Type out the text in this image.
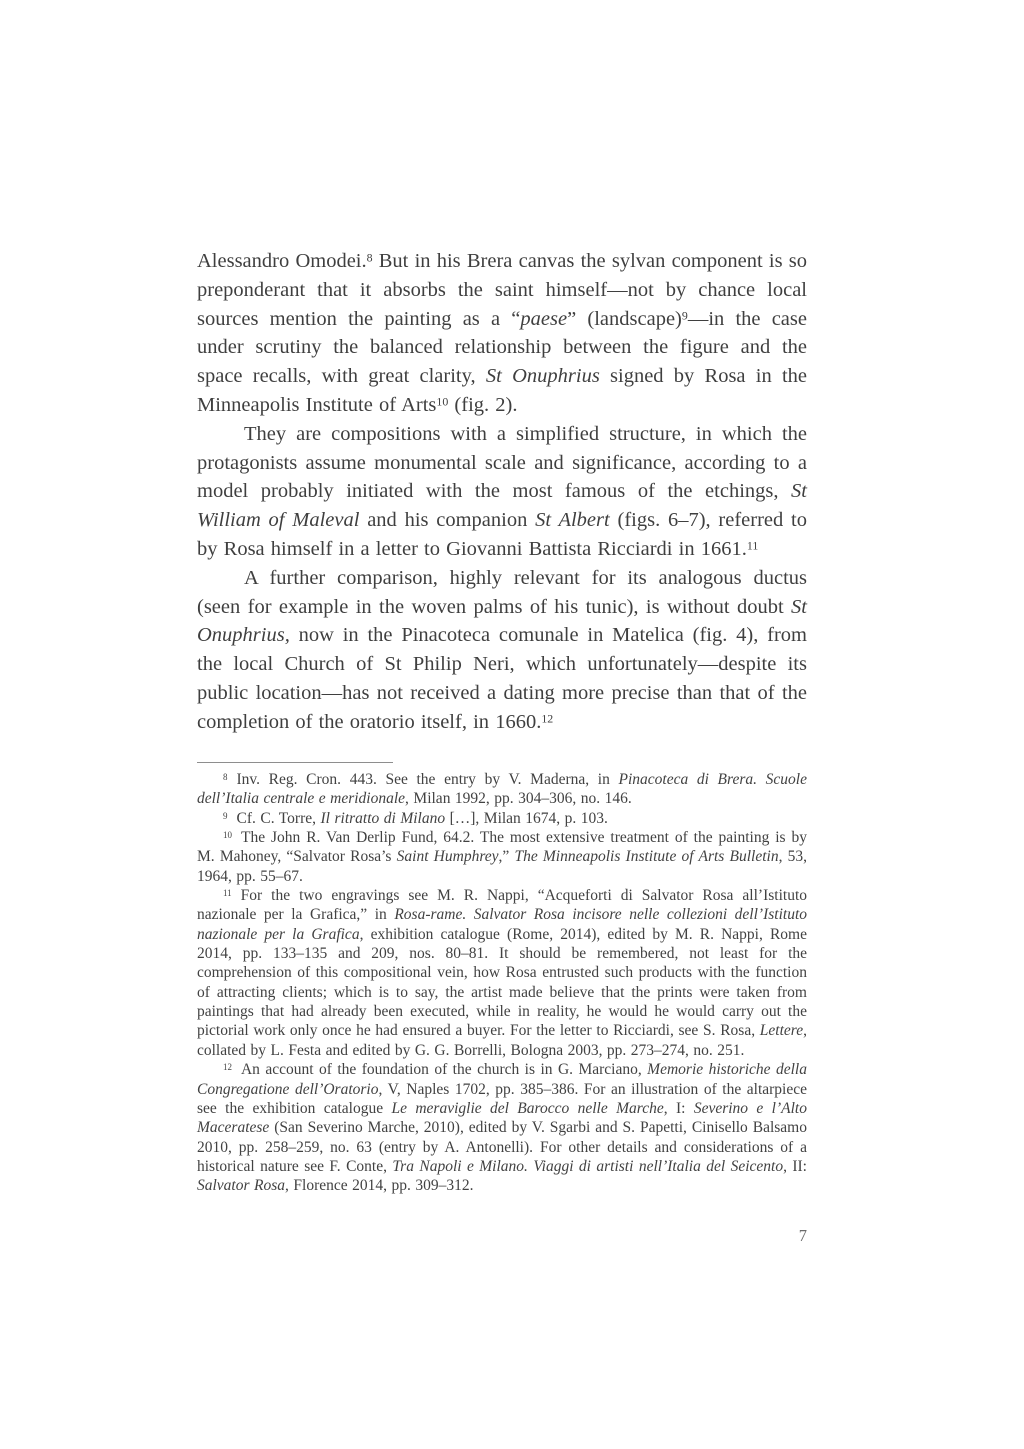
Alessandro Omodei.$^8$ But in his Brera canvas the sylvan component is so preponderant that it absorbs the saint himself—not by chance local sources mention the painting as a “paese” (landscape)$^9$—in the case under scrutiny the balanced relationship between the figure and the space recalls, with great clarity, St Onuphrius signed by Rosa in the Minneapolis Institute of Arts$^{10}$ (fig. 2).

They are compositions with a simplified structure, in which the protagonists assume monumental scale and significance, according to a model probably initiated with the most famous of the etchings, St William of Maleval and his companion St Albert (figs. 6–7), referred to by Rosa himself in a letter to Giovanni Battista Ricciardi in 1661.11

A further comparison, highly relevant for its analogous ductus (seen for example in the woven palms of his tunic), is without doubt St Onuphrius, now in the Pinacoteca comunale in Matelica (fig. 4), from the local Church of St Philip Neri, which unfortunately—despite its public location—has not received a dating more precise than that of the completion of the oratorio itself, in 1660.12

$^8$ Inv. Reg. Cron. 443. See the entry by V. Maderna, in Pinacoteca di Brera. Scuole dell’Italia centrale e meridionale, Milan 1992, pp. 304–306, no. 146.

$^9$ Cf. C. Torre, Il ritratto di Milano […], Milan 1674, p. 103.

$^{10}$ The John R. Van Derlip Fund, 64.2. The most extensive treatment of the painting is by M. Mahoney, “Salvator Rosa’s Saint Humphrey,” The Minneapolis Institute of Arts Bulletin, 53, 1964, pp. 55–67.

$^{11}$ For the two engravings see M. R. Nappi, “Acqueforti di Salvator Rosa all’Istituto nazionale per la Grafica,” in Rosa-rame. Salvator Rosa incisore nelle collezioni dell’Istituto nazionale per la Grafica, exhibition catalogue (Rome, 2014), edited by M. R. Nappi, Rome 2014, pp. 133–135 and 209, nos. 80–81. It should be remembered, not least for the comprehension of this compositional vein, how Rosa entrusted such products with the function of attracting clients; which is to say, the artist made believe that the prints were taken from paintings that had already been executed, while in reality, he would he would carry out the pictorial work only once he had ensured a buyer. For the letter to Ricciardi, see S. Rosa, Lettere, collated by L. Festa and edited by G. G. Borrelli, Bologna 2003, pp. 273–274, no. 251.

$^{12}$ An account of the foundation of the church is in G. Marciano, Memorie historiche della Congregatione dell’Oratorio, V, Naples 1702, pp. 385–386. For an illustration of the altarpiece see the exhibition catalogue Le meraviglie del Barocco nelle Marche, I: Severino e l’Alto Maceratese (San Severino Marche, 2010), edited by V. Sgarbi and S. Papetti, Cinisello Balsamo 2010, pp. 258–259, no. 63 (entry by A. Antonelli). For other details and considerations of a historical nature see F. Conte, Tra Napoli e Milano. Viaggi di artisti nell’Italia del Seicento, II: Salvator Rosa, Florence 2014, pp. 309–312.

7
